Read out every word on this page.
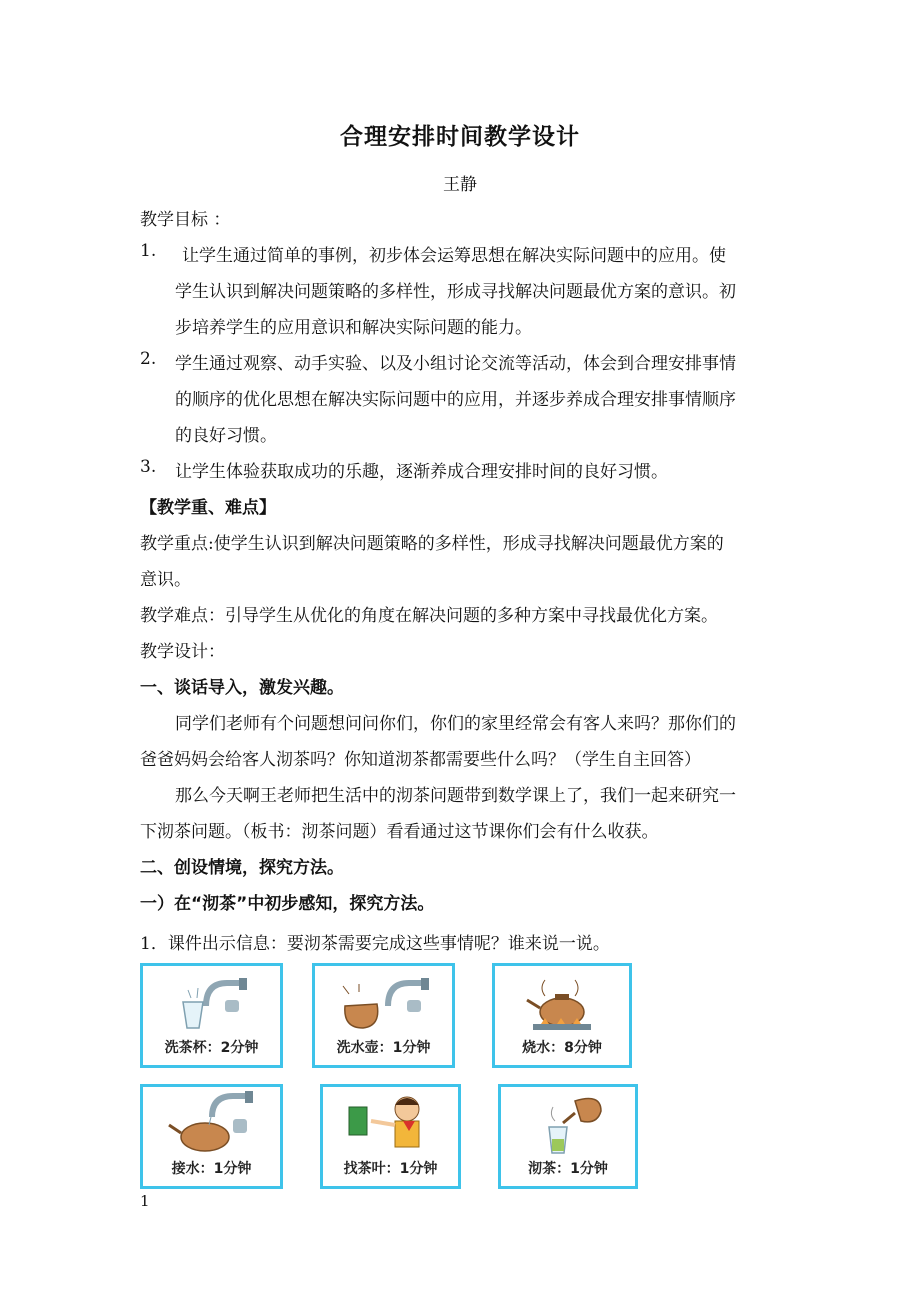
合理安排时间教学设计
王静
教学目标 ：
1. 让学生通过简单的事例，初步体会运筹思想在解决实际问题中的应用。使
学生认识到解决问题策略的多样性，形成寻找解决问题最优方案的意识。初
步培养学生的应用意识和解决实际问题的能力。
2. 学生通过观察、动手实验、以及小组讨论交流等活动，体会到合理安排事情
的顺序的优化思想在解决实际问题中的应用，并逐步养成合理安排事情顺序
的良好习惯。
3. 让学生体验获取成功的乐趣，逐渐养成合理安排时间的良好习惯。
【教学重、难点】
教学重点:使学生认识到解决问题策略的多样性，形成寻找解决问题最优方案的
意识。
教学难点：引导学生从优化的角度在解决问题的多种方案中寻找最优化方案。
教学设计：
一、谈话导入，激发兴趣。
同学们老师有个问题想问问你们，你们的家里经常会有客人来吗？那你们的
爸爸妈妈会给客人沏茶吗？你知道沏茶都需要些什么吗？（学生自主回答）
那么今天啊王老师把生活中的沏茶问题带到数学课上了，我们一起来研究一
下沏茶问题。（板书：沏茶问题）看看通过这节课你们会有什么收获。
二、创设情境，探究方法。
一）在“沏茶”中初步感知，探究方法。
1．课件出示信息：要沏茶需要完成这些事情呢？谁来说一说。
洗茶杯：2分钟	洗水壶：1分钟	烧水：8分钟
接水：1分钟	找茶叶：1分钟	沏茶：1分钟
1
